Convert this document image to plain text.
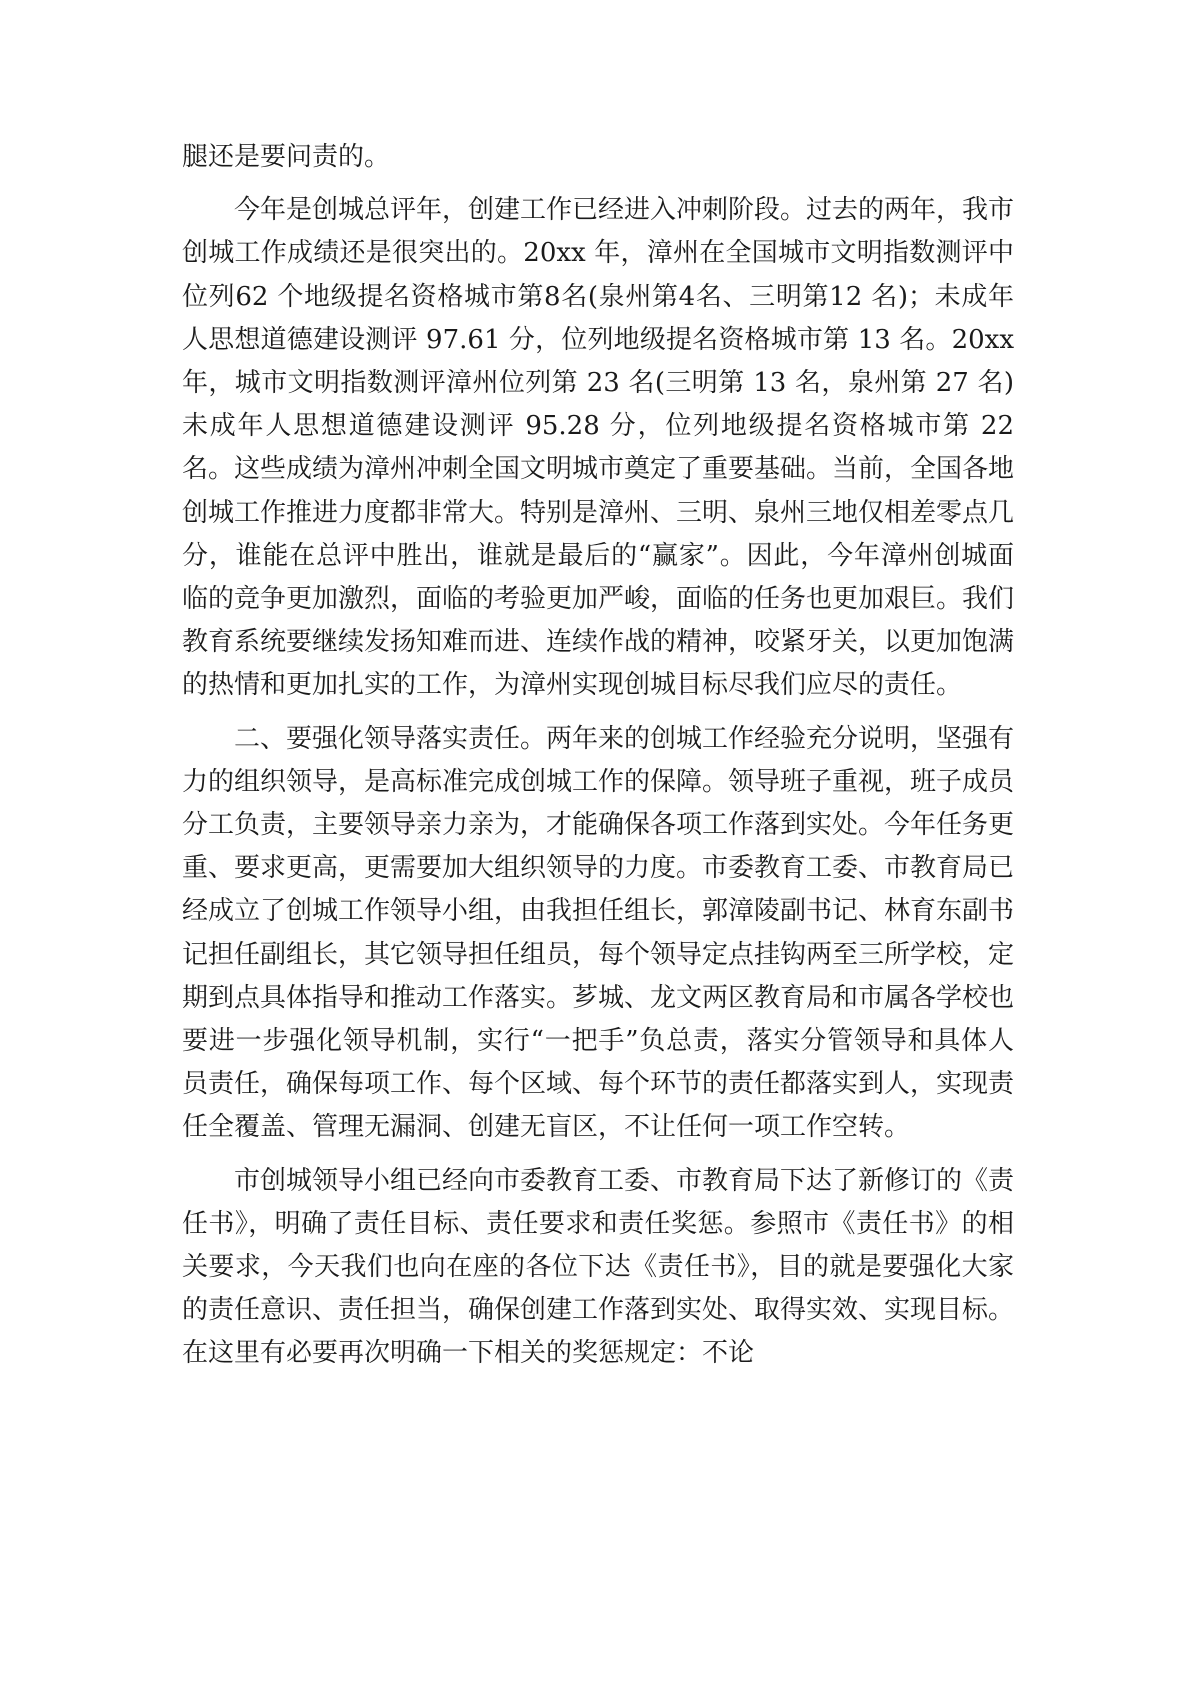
腿还是要问责的。

今年是创城总评年，创建工作已经进入冲刺阶段。过去的两年，我市创城工作成绩还是很突出的。20xx 年，漳州在全国城市文明指数测评中位列62 个地级提名资格城市第8名(泉州第4名、三明第12 名)；未成年人思想道德建设测评 97.61 分，位列地级提名资格城市第 13 名。20xx 年，城市文明指数测评漳州位列第 23 名(三明第 13 名，泉州第 27 名)未成年人思想道德建设测评 95.28 分，位列地级提名资格城市第 22 名。这些成绩为漳州冲刺全国文明城市奠定了重要基础。当前，全国各地创城工作推进力度都非常大。特别是漳州、三明、泉州三地仅相差零点几分，谁能在总评中胜出，谁就是最后的“赢家”。因此，今年漳州创城面临的竞争更加激烈，面临的考验更加严峻，面临的任务也更加艰巨。我们教育系统要继续发扬知难而进、连续作战的精神，咬紧牙关，以更加饱满的热情和更加扎实的工作，为漳州实现创城目标尽我们应尽的责任。

二、要强化领导落实责任。两年来的创城工作经验充分说明，坚强有力的组织领导，是高标准完成创城工作的保障。领导班子重视，班子成员分工负责，主要领导亲力亲为，才能确保各项工作落到实处。今年任务更重、要求更高，更需要加大组织领导的力度。市委教育工委、市教育局已经成立了创城工作领导小组，由我担任组长，郭漳陵副书记、林育东副书记担任副组长，其它领导担任组员，每个领导定点挂钩两至三所学校，定期到点具体指导和推动工作落实。芗城、龙文两区教育局和市属各学校也要进一步强化领导机制，实行“一把手”负总责，落实分管领导和具体人员责任，确保每项工作、每个区域、每个环节的责任都落实到人，实现责任全覆盖、管理无漏洞、创建无盲区，不让任何一项工作空转。

市创城领导小组已经向市委教育工委、市教育局下达了新修订的《责任书》，明确了责任目标、责任要求和责任奖惩。参照市《责任书》的相关要求，今天我们也向在座的各位下达《责任书》，目的就是要强化大家的责任意识、责任担当，确保创建工作落到实处、取得实效、实现目标。在这里有必要再次明确一下相关的奖惩规定：不论
